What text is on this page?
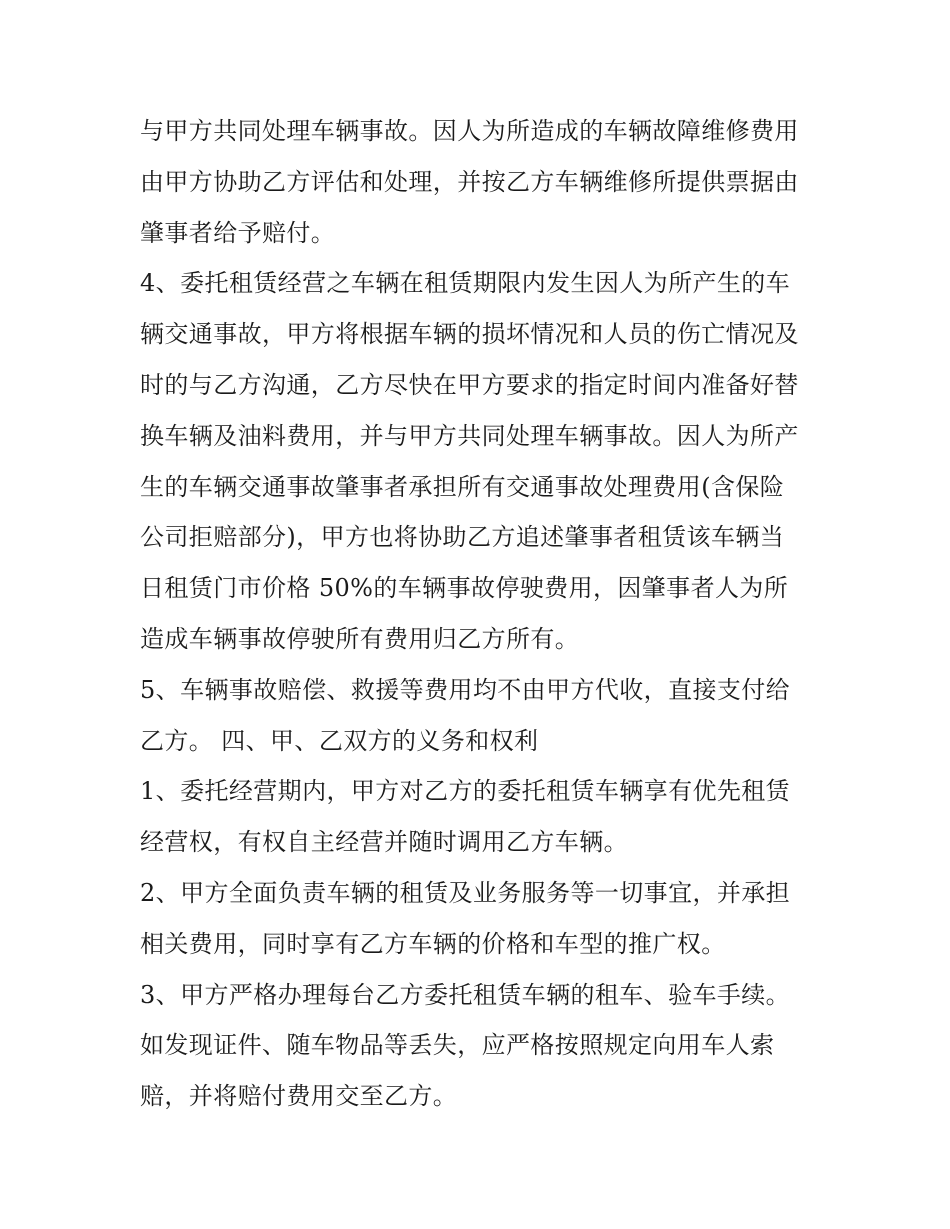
与甲方共同处理车辆事故。因人为所造成的车辆故障维修费用
由甲方协助乙方评估和处理，并按乙方车辆维修所提供票据由
肇事者给予赔付。
4、委托租赁经营之车辆在租赁期限内发生因人为所产生的车
辆交通事故，甲方将根据车辆的损坏情况和人员的伤亡情况及
时的与乙方沟通，乙方尽快在甲方要求的指定时间内准备好替
换车辆及油料费用，并与甲方共同处理车辆事故。因人为所产
生的车辆交通事故肇事者承担所有交通事故处理费用(含保险
公司拒赔部分)，甲方也将协助乙方追述肇事者租赁该车辆当
日租赁门市价格 50%的车辆事故停驶费用，因肇事者人为所
造成车辆事故停驶所有费用归乙方所有。
5、车辆事故赔偿、救援等费用均不由甲方代收，直接支付给
乙方。 四、甲、乙双方的义务和权利
1、委托经营期内，甲方对乙方的委托租赁车辆享有优先租赁
经营权，有权自主经营并随时调用乙方车辆。
2、甲方全面负责车辆的租赁及业务服务等一切事宜，并承担
相关费用，同时享有乙方车辆的价格和车型的推广权。
3、甲方严格办理每台乙方委托租赁车辆的租车、验车手续。
如发现证件、随车物品等丢失，应严格按照规定向用车人索
赔，并将赔付费用交至乙方。
